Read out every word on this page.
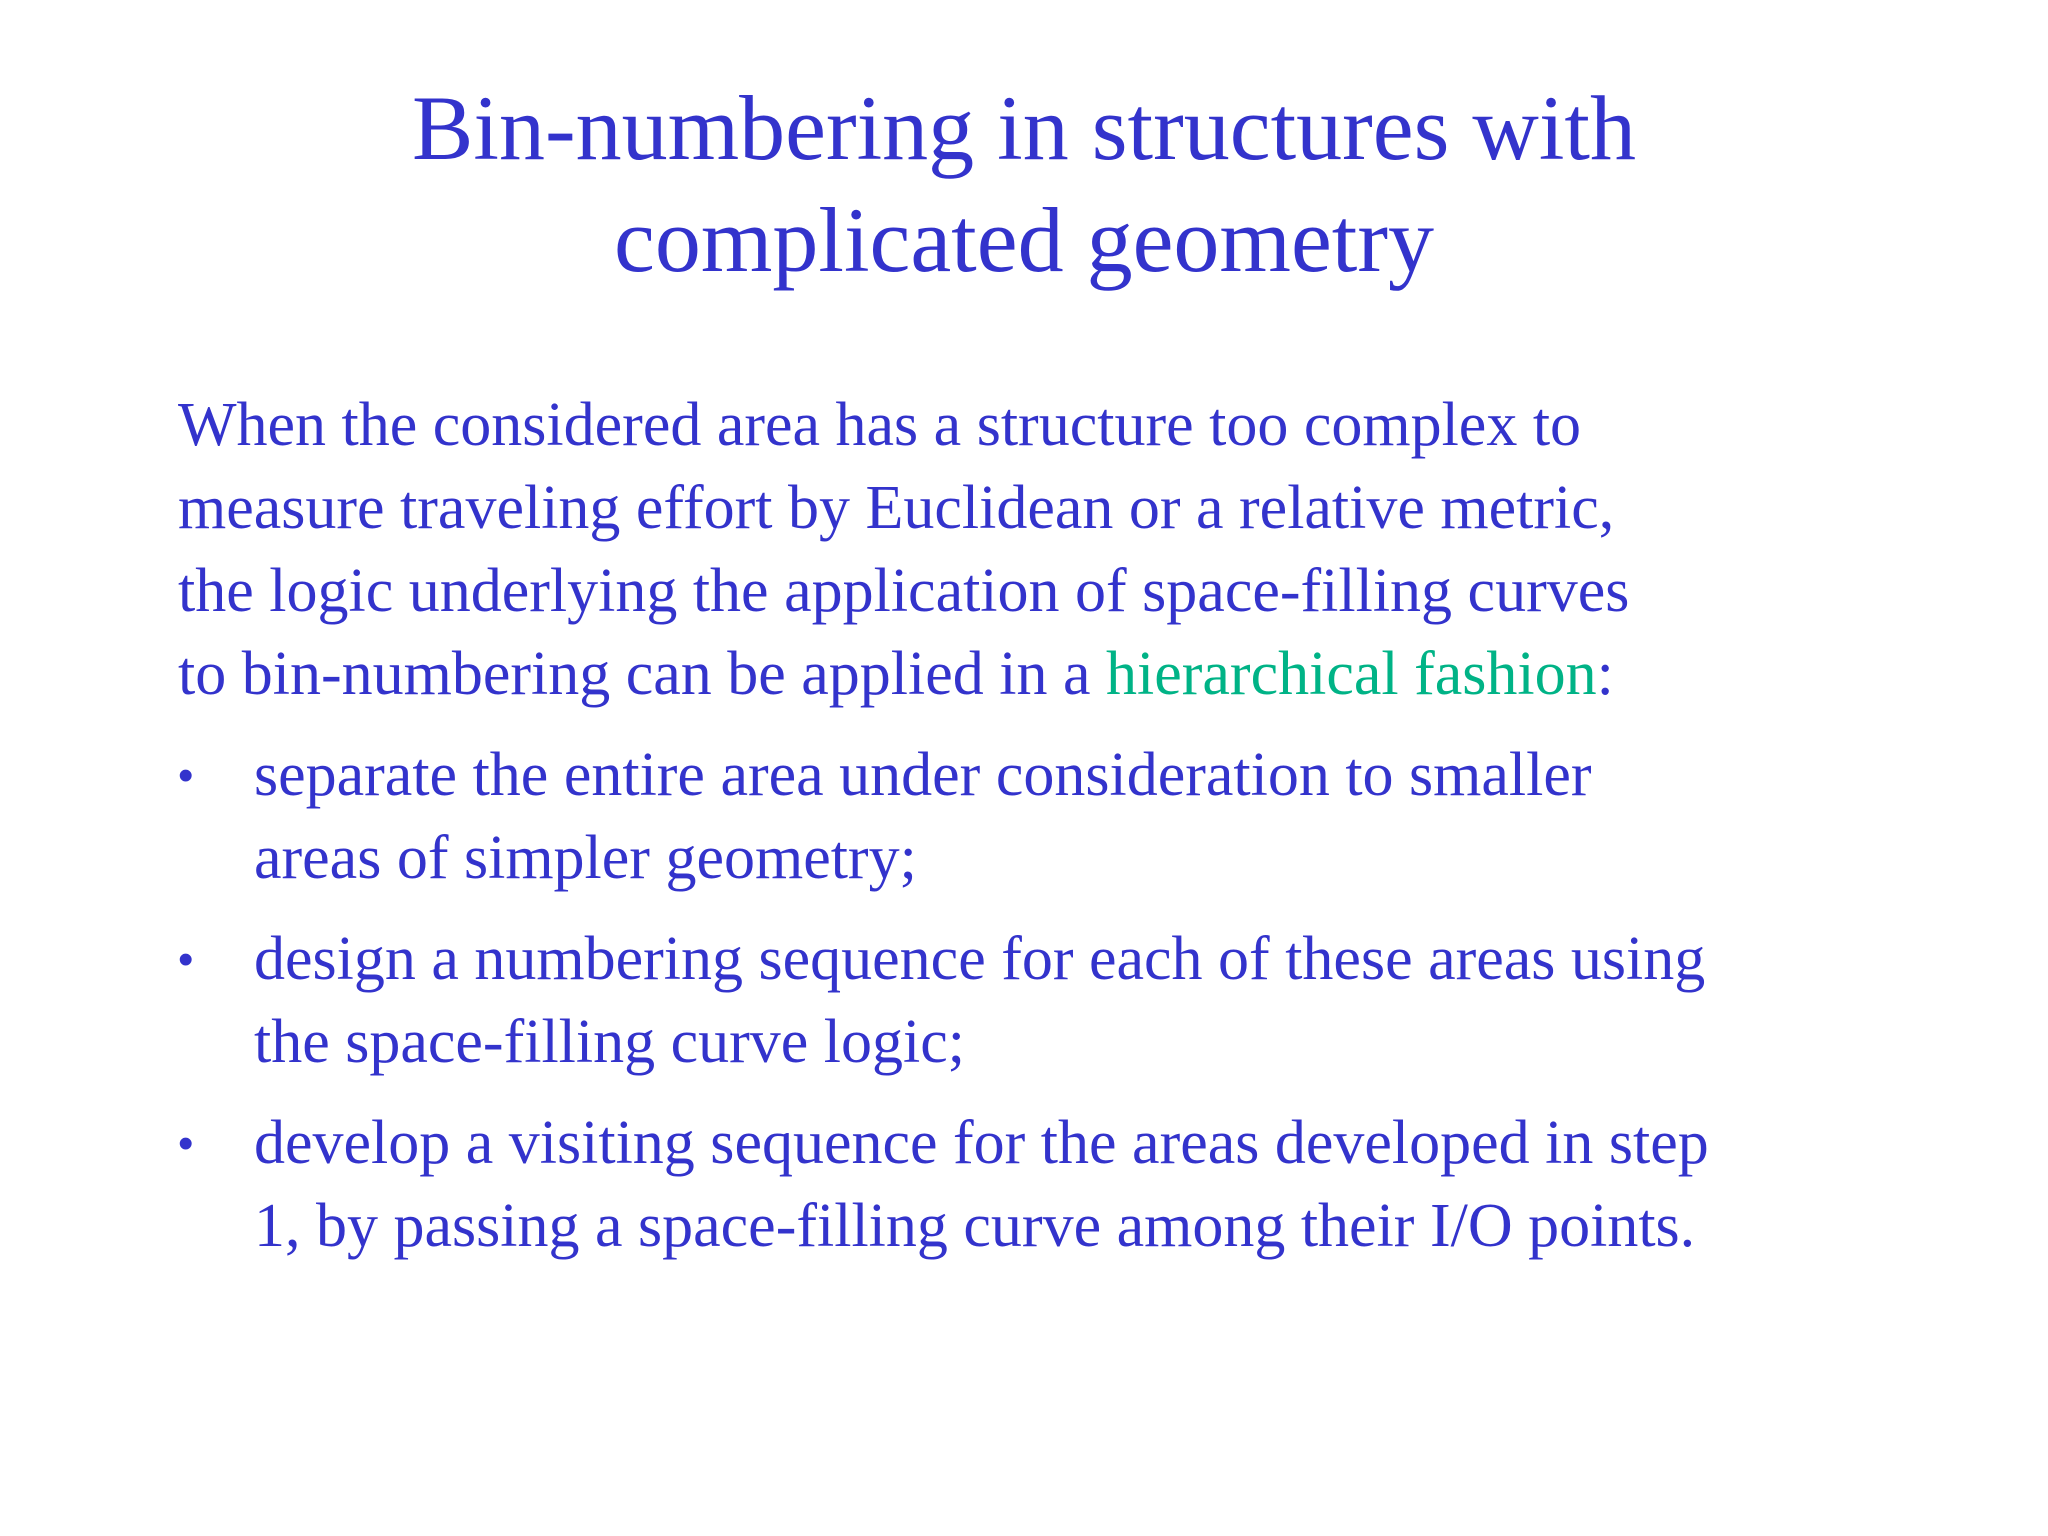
Bin-numbering in structures with
complicated geometry

When the considered area has a structure too complex to
measure traveling effort by Euclidean or a relative metric,
the logic underlying the application of space-filling curves
to bin-numbering can be applied in a hierarchical fashion:

• separate the entire area under consideration to smaller
areas of simpler geometry;
• design a numbering sequence for each of these areas using
the space-filling curve logic;
• develop a visiting sequence for the areas developed in step
1, by passing a space-filling curve among their I/O points.
